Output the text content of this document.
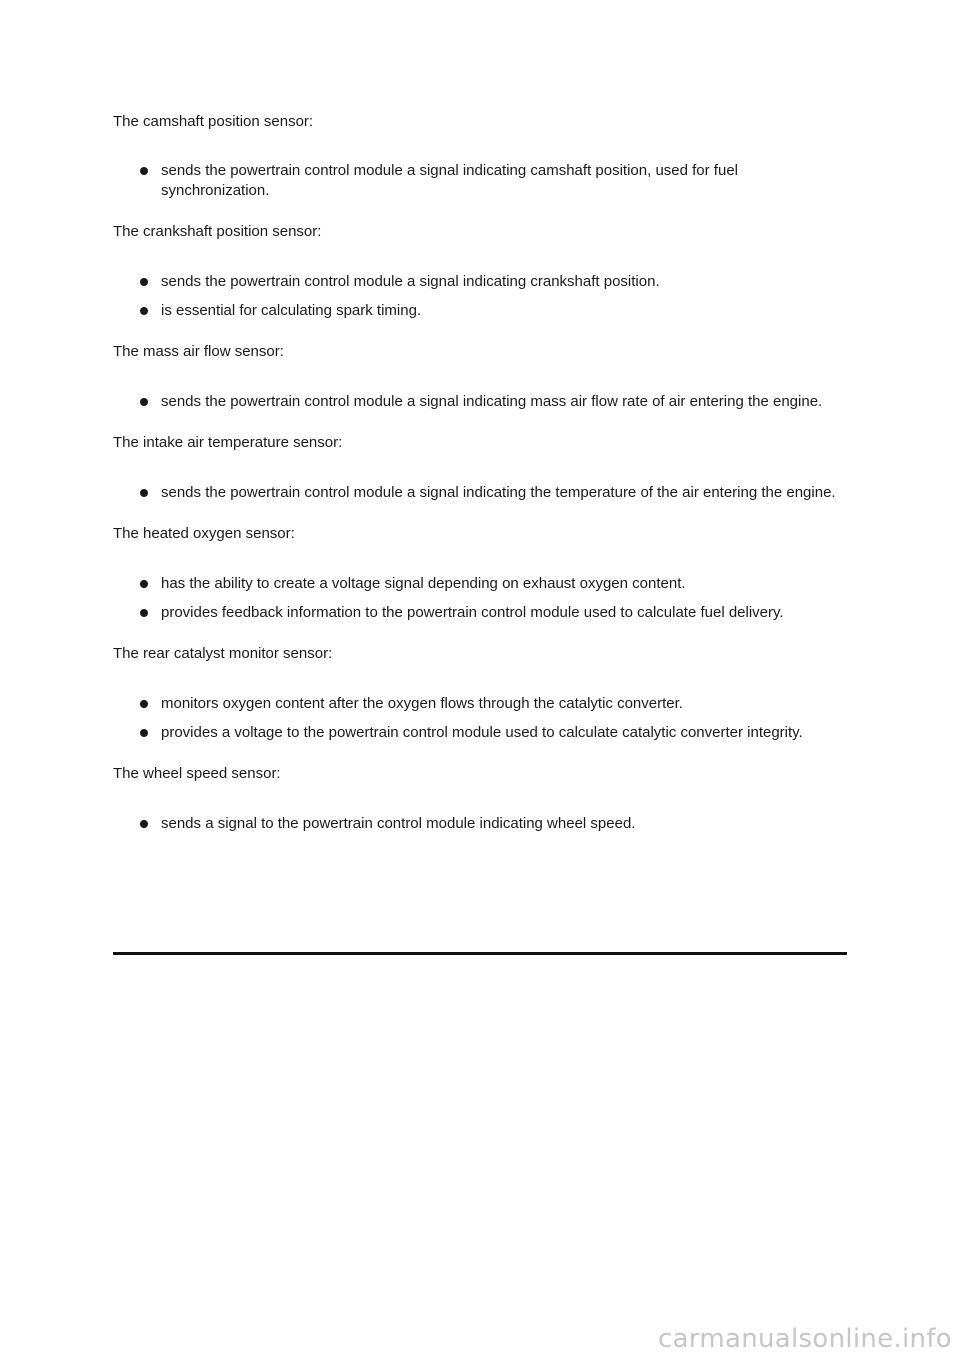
The camshaft position sensor:

sends the powertrain control module a signal indicating camshaft position, used for fuel synchronization.

The crankshaft position sensor:

sends the powertrain control module a signal indicating crankshaft position.
is essential for calculating spark timing.

The mass air flow sensor:

sends the powertrain control module a signal indicating mass air flow rate of air entering the engine.

The intake air temperature sensor:

sends the powertrain control module a signal indicating the temperature of the air entering the engine.

The heated oxygen sensor:

has the ability to create a voltage signal depending on exhaust oxygen content.
provides feedback information to the powertrain control module used to calculate fuel delivery.

The rear catalyst monitor sensor:

monitors oxygen content after the oxygen flows through the catalytic converter.
provides a voltage to the powertrain control module used to calculate catalytic converter integrity.

The wheel speed sensor:

sends a signal to the powertrain control module indicating wheel speed.
carmanualsonline.info
